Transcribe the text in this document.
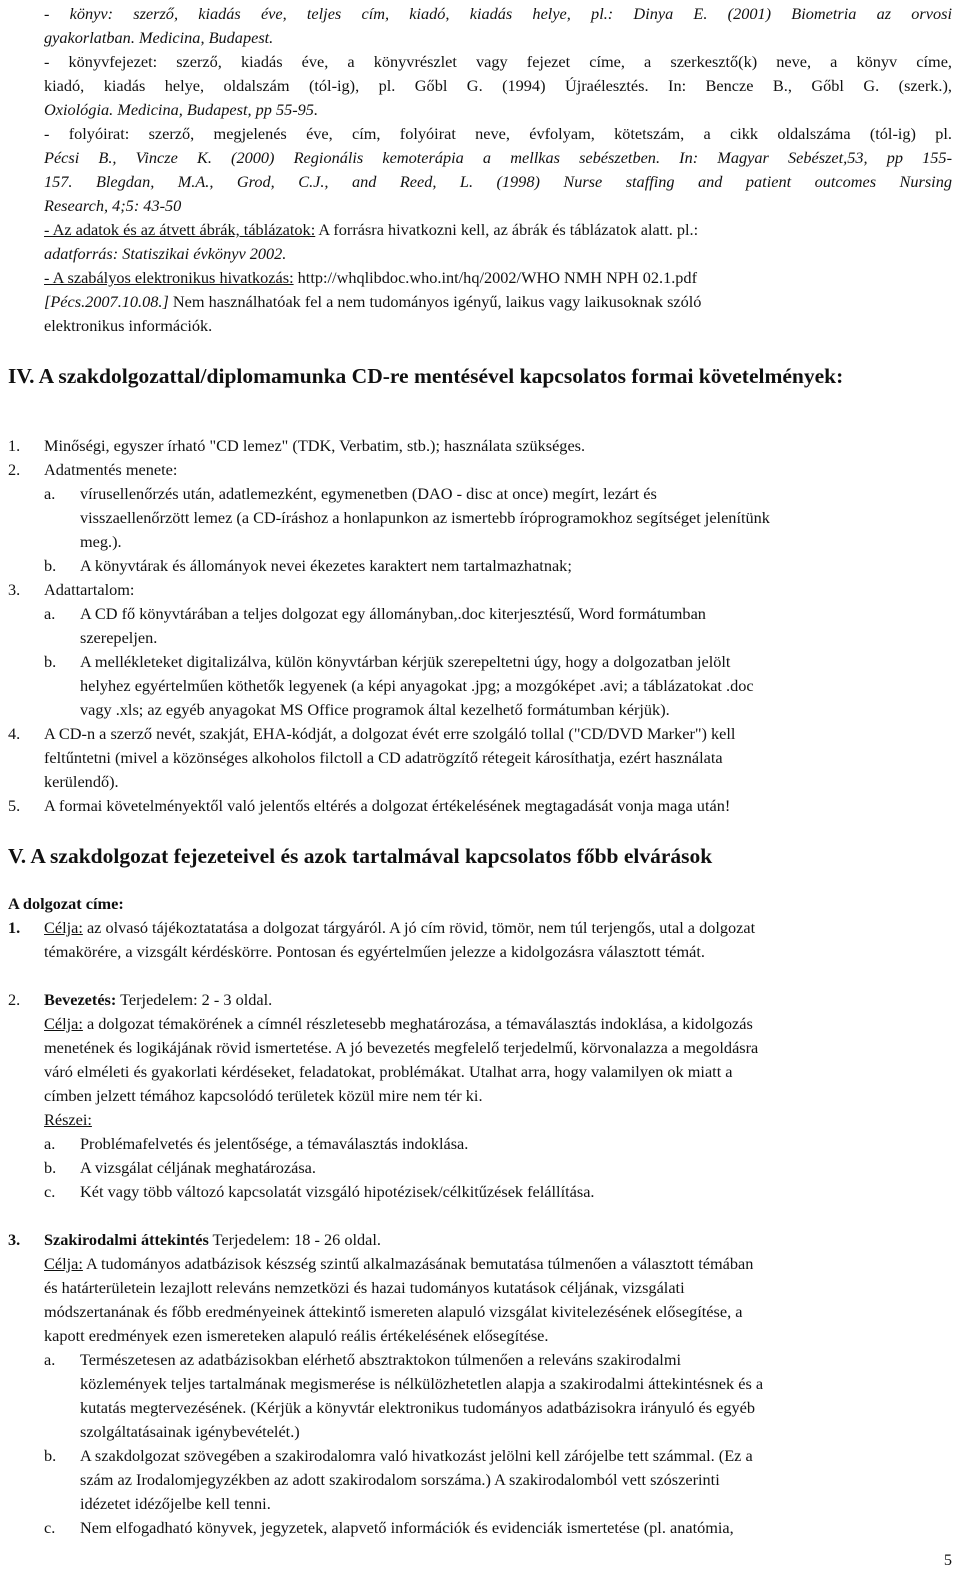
- könyv: szerző, kiadás éve, teljes cím, kiadó, kiadás helye, pl.: Dinya E. (2001) Biometria az orvosi
gyakorlatban. Medicina, Budapest.
- könyvfejezet: szerző, kiadás éve, a könyvrészlet vagy fejezet címe, a szerkesztő(k) neve, a könyv címe,
kiadó, kiadás helye, oldalszám (tól-ig), pl. Gőbl G. (1994) Újraélesztés. In: Bencze B., Gőbl G. (szerk.),
Oxiológia. Medicina, Budapest, pp 55-95.
- folyóirat: szerző, megjelenés éve, cím, folyóirat neve, évfolyam, kötetszám, a cikk oldalszáma (tól-ig) pl.
Pécsi B., Vincze K. (2000) Regionális kemoterápia a mellkas sebészetben. In: Magyar Sebészet,53, pp 155-
157. Blegdan, M.A., Grod, C.J., and Reed, L. (1998) Nurse staffing and patient outcomes Nursing
Research, 4;5: 43-50
- Az adatok és az átvett ábrák, táblázatok: A forrásra hivatkozni kell, az ábrák és táblázatok alatt. pl.:
adatforrás: Statiszikai évkönyv 2002.
- A szabályos elektronikus hivatkozás: http://whqlibdoc.who.int/hq/2002/WHO NMH NPH 02.1.pdf
[Pécs.2007.10.08.] Nem használhatóak fel a nem tudományos igényű, laikus vagy laikusoknak szóló
elektronikus információk.
IV. A szakdolgozattal/diplomamunka CD-re mentésével kapcsolatos formai követelmények:
1. Minőségi, egyszer írható "CD lemez" (TDK, Verbatim, stb.); használata szükséges.
2. Adatmentés menete:
a. vírusellenőrzés után, adatlemezként, egymenetben (DAO - disc at once) megírt, lezárt és
visszaellenőrzött lemez (a CD-íráshoz a honlapunkon az ismertebb íróprogramokhoz segítséget jelenítünk
meg.).
b. A könyvtárak és állományok nevei ékezetes karaktert nem tartalmazhatnak;
3. Adattartalom:
a. A CD fő könyvtárában a teljes dolgozat egy állományban,.doc kiterjesztésű, Word formátumban
szerepeljen.
b. A mellékleteket digitalizálva, külön könyvtárban kérjük szerepeltetni úgy, hogy a dolgozatban jelölt
helyhez egyértelműen köthetők legyenek (a képi anyagokat .jpg; a mozgóképet .avi; a táblázatokat .doc
vagy .xls; az egyéb anyagokat MS Office programok által kezelhető formátumban kérjük).
4. A CD-n a szerző nevét, szakját, EHA-kódját, a dolgozat évét erre szolgáló tollal ("CD/DVD Marker") kell
feltűntetni (mivel a közönséges alkoholos filctoll a CD adatrögzítő rétegeit károsíthatja, ezért használata
kerülendő).
5. A formai követelményektől való jelentős eltérés a dolgozat értékelésének megtagadását vonja maga után!
V. A szakdolgozat fejezeteivel és azok tartalmával kapcsolatos főbb elvárások
A dolgozat címe:
1. Célja: az olvasó tájékoztatatása a dolgozat tárgyáról. A jó cím rövid, tömör, nem túl terjengős, utal a dolgozat
témakörére, a vizsgált kérdéskörre. Pontosan és egyértelműen jelezze a kidolgozásra választott témát.
2. Bevezetés: Terjedelem: 2 - 3 oldal.
Célja: a dolgozat témakörének a címnél részletesebb meghatározása, a témaválasztás indoklása, a kidolgozás
menetének és logikájának rövid ismertetése. A jó bevezetés megfelelő terjedelmű, körvonalazza a megoldásra
váró elméleti és gyakorlati kérdéseket, feladatokat, problémákat. Utalhat arra, hogy valamilyen ok miatt a
címben jelzett témához kapcsolódó területek közül mire nem tér ki.
Részei:
a. Problémafelvetés és jelentősége, a témaválasztás indoklása.
b. A vizsgálat céljának meghatározása.
c. Két vagy több változó kapcsolatát vizsgáló hipotézisek/célkitűzések felállítása.
3. Szakirodalmi áttekintés Terjedelem: 18 - 26 oldal.
Célja: A tudományos adatbázisok készség szintű alkalmazásának bemutatása túlmenően a választott témában
és határterületein lezajlott releváns nemzetközi és hazai tudományos kutatások céljának, vizsgálati
módszertanának és főbb eredményeinek áttekintő ismereten alapuló vizsgálat kivitelezésének elősegítése, a
kapott eredmények ezen ismereteken alapuló reális értékelésének elősegítése.
a. Természetesen az adatbázisokban elérhető absztraktokon túlmenően a releváns szakirodalmi
közlemények teljes tartalmának megismerése is nélkülözhetetlen alapja a szakirodalmi áttekintésnek és a
kutatás megtervezésének. (Kérjük a könyvtár elektronikus tudományos adatbázisokra irányuló és egyéb
szolgáltatásainak igénybevételét.)
b. A szakdolgozat szövegében a szakirodalomra való hivatkozást jelölni kell zárójelbe tett számmal. (Ez a
szám az Irodalomjegyzékben az adott szakirodalom sorszáma.) A szakirodalomból vett szószerinti
idézetet idézőjelbe kell tenni.
c. Nem elfogadható könyvek, jegyzetek, alapvető információk és evidenciák ismertetése (pl. anatómia,
5
